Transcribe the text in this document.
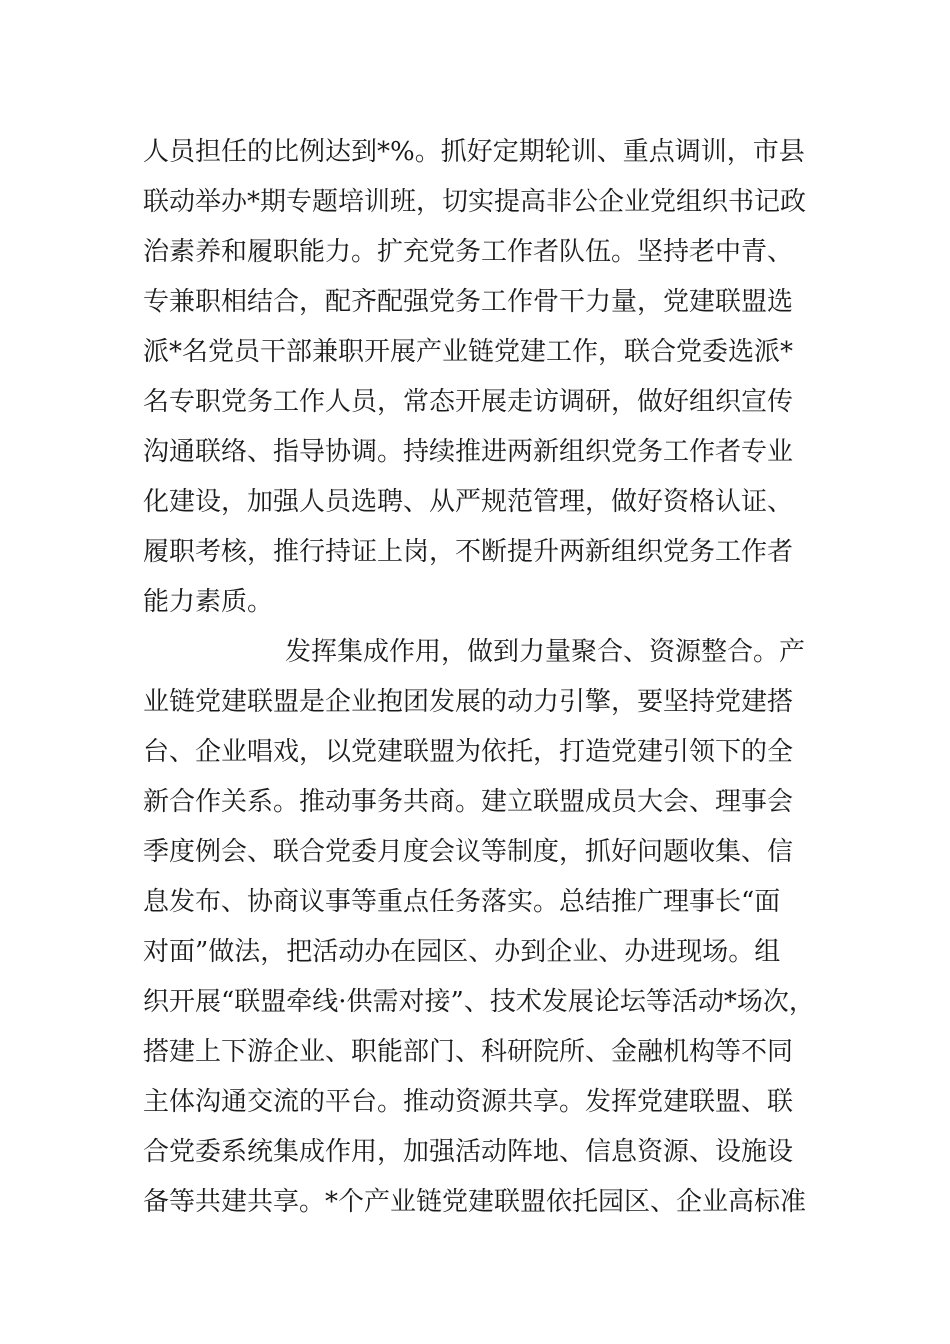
人员担任的比例达到*%。抓好定期轮训、重点调训，市县
联动举办*期专题培训班，切实提高非公企业党组织书记政
治素养和履职能力。扩充党务工作者队伍。坚持老中青、
专兼职相结合，配齐配强党务工作骨干力量，党建联盟选
派*名党员干部兼职开展产业链党建工作，联合党委选派*
名专职党务工作人员，常态开展走访调研，做好组织宣传
沟通联络、指导协调。持续推进两新组织党务工作者专业
化建设，加强人员选聘、从严规范管理，做好资格认证、
履职考核，推行持证上岗，不断提升两新组织党务工作者
能力素质。
发挥集成作用，做到力量聚合、资源整合。产
业链党建联盟是企业抱团发展的动力引擎，要坚持党建搭
台、企业唱戏，以党建联盟为依托，打造党建引领下的全
新合作关系。推动事务共商。建立联盟成员大会、理事会
季度例会、联合党委月度会议等制度，抓好问题收集、信
息发布、协商议事等重点任务落实。总结推广理事长“面
对面”做法，把活动办在园区、办到企业、办进现场。组
织开展“联盟牵线·供需对接”、技术发展论坛等活动*场次，
搭建上下游企业、职能部门、科研院所、金融机构等不同
主体沟通交流的平台。推动资源共享。发挥党建联盟、联
合党委系统集成作用，加强活动阵地、信息资源、设施设
备等共建共享。*个产业链党建联盟依托园区、企业高标准
